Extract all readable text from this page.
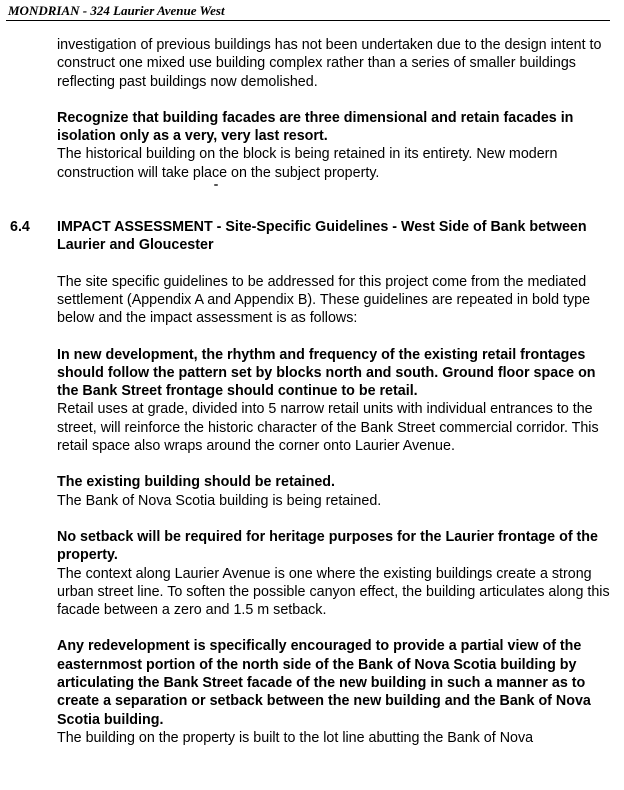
MONDRIAN - 324 Laurier Avenue West

investigation of previous buildings has not been undertaken due to the design intent to construct one mixed use building complex rather than a series of smaller buildings reflecting past buildings now demolished.

Recognize that building facades are three dimensional and retain facades in isolation only as a very, very last resort.

The historical building on the block is being retained in its entirety. New modern construction will take place on the subject property.

6.4 IMPACT ASSESSMENT - Site-Specific Guidelines - West Side of Bank between Laurier and Gloucester

The site specific guidelines to be addressed for this project come from the mediated settlement (Appendix A and Appendix B). These guidelines are repeated in bold type below and the impact assessment is as follows:

In new development, the rhythm and frequency of the existing retail frontages should follow the pattern set by blocks north and south. Ground floor space on the Bank Street frontage should continue to be retail.

Retail uses at grade, divided into 5 narrow retail units with individual entrances to the street, will reinforce the historic character of the Bank Street commercial corridor. This retail space also wraps around the corner onto Laurier Avenue.

The existing building should be retained.

The Bank of Nova Scotia building is being retained.

No setback will be required for heritage purposes for the Laurier frontage of the property.

The context along Laurier Avenue is one where the existing buildings create a strong urban street line. To soften the possible canyon effect, the building articulates along this facade between a zero and 1.5 m setback.

Any redevelopment is specifically encouraged to provide a partial view of the easternmost portion of the north side of the Bank of Nova Scotia building by articulating the Bank Street facade of the new building in such a manner as to create a separation or setback between the new building and the Bank of Nova Scotia building.

The building on the property is built to the lot line abutting the Bank of Nova
